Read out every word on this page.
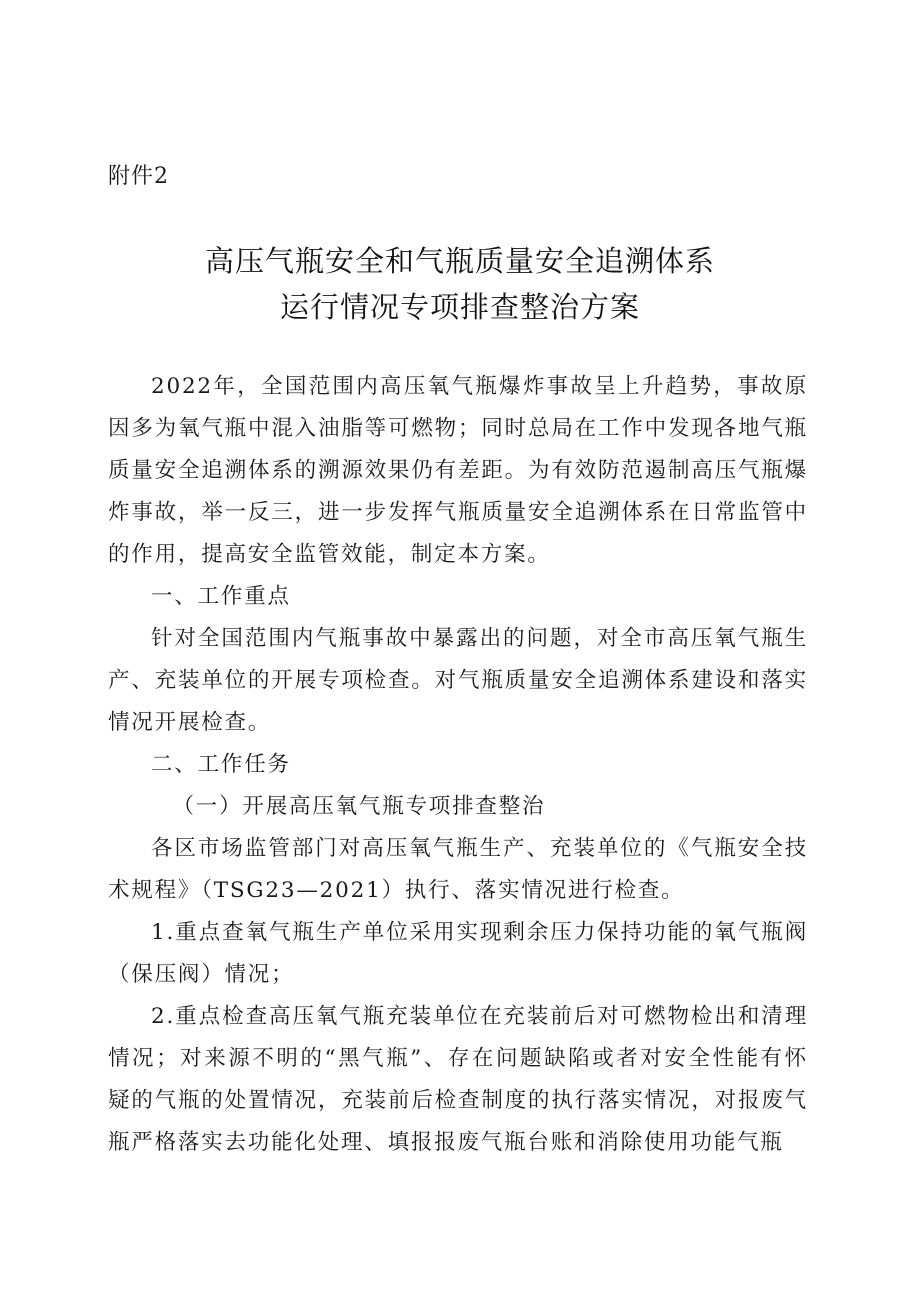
附件2
高压气瓶安全和气瓶质量安全追溯体系
运行情况专项排查整治方案

2022年，全国范围内高压氧气瓶爆炸事故呈上升趋势，事故原因多为氧气瓶中混入油脂等可燃物；同时总局在工作中发现各地气瓶质量安全追溯体系的溯源效果仍有差距。为有效防范遏制高压气瓶爆炸事故，举一反三，进一步发挥气瓶质量安全追溯体系在日常监管中的作用，提高安全监管效能，制定本方案。

一、工作重点

针对全国范围内气瓶事故中暴露出的问题，对全市高压氧气瓶生产、充装单位的开展专项检查。对气瓶质量安全追溯体系建设和落实情况开展检查。

二、工作任务

（一）开展高压氧气瓶专项排查整治

各区市场监管部门对高压氧气瓶生产、充装单位的《气瓶安全技术规程》（TSG23—2021）执行、落实情况进行检查。

1.重点查氧气瓶生产单位采用实现剩余压力保持功能的氧气瓶阀（保压阀）情况；

2.重点检查高压氧气瓶充装单位在充装前后对可燃物检出和清理情况；对来源不明的“黑气瓶”、存在问题缺陷或者对安全性能有怀疑的气瓶的处置情况，充装前后检查制度的执行落实情况，对报废气瓶严格落实去功能化处理、填报报废气瓶台账和消除使用功能气瓶
